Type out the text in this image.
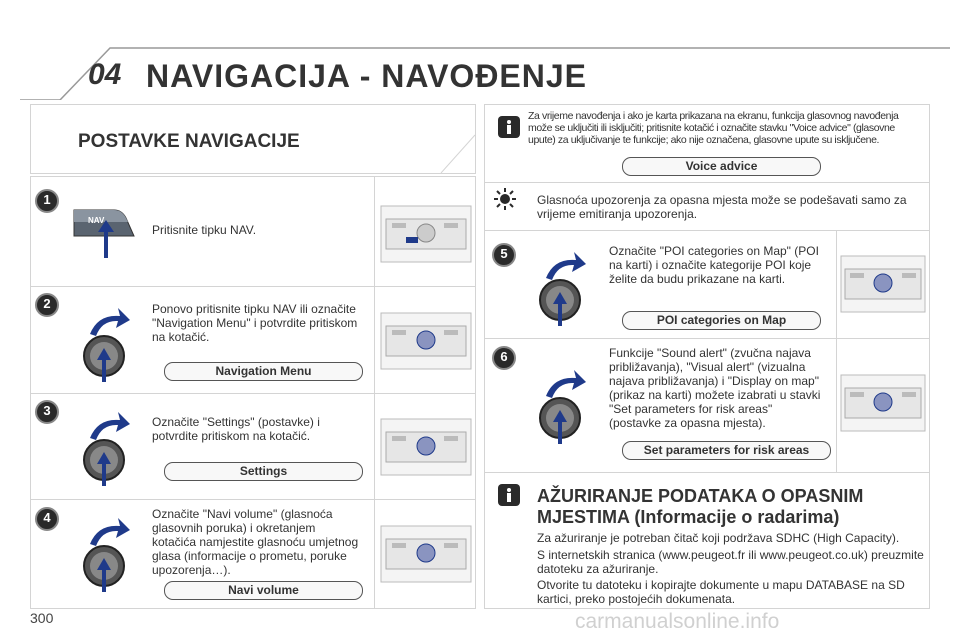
04 NAVIGACIJA - NAVOĐENJE
POSTAVKE NAVIGACIJE
1
2
3
4
NAV
Pritisnite tipku NAV.
Ponovo pritisnite tipku NAV ili označite "Navigation Menu" i potvrdite pritiskom na kotačić.
Navigation Menu
Označite "Settings" (postavke) i potvrdite pritiskom na kotačić.
Settings
Označite "Navi volume" (glasnoća glasovnih poruka) i okretanjem kotačića namjestite glasnoću umjetnog glasa (informacije o prometu, poruke upozorenja…).
Navi volume
Za vrijeme navođenja i ako je karta prikazana na ekranu, funkcija glasovnog navođenja može se uključiti ili isključiti; pritisnite kotačić i označite stavku "Voice advice" (glasovne upute) za uključivanje te funkcije; ako nije označena, glasovne upute su isključene.
Voice advice
Glasnoća upozorenja za opasna mjesta može se podešavati samo za vrijeme emitiranja upozorenja.
5	Označite "POI categories on Map" (POI na karti) i označite kategorije POI koje želite da budu prikazane na karti.
POI categories on Map
6	Funkcije "Sound alert" (zvučna najava približavanja), "Visual alert" (vizualna najava približavanja) i "Display on map" (prikaz na karti) možete izabrati u stavki "Set parameters for risk areas" (postavke za opasna mjesta).
Set parameters for risk areas
AŽURIRANJE PODATAKA O OPASNIM MJESTIMA (Informacije o radarima)
Za ažuriranje je potreban čitač koji podržava SDHC (High Capacity).
S internetskih stranica (www.peugeot.fr ili www.peugeot.co.uk) preuzmite datoteku za ažuriranje.
Otvorite tu datoteku i kopirajte dokumente u mapu DATABASE na SD kartici, preko postojećih dokumenata.
300	carmanualsonline.info
